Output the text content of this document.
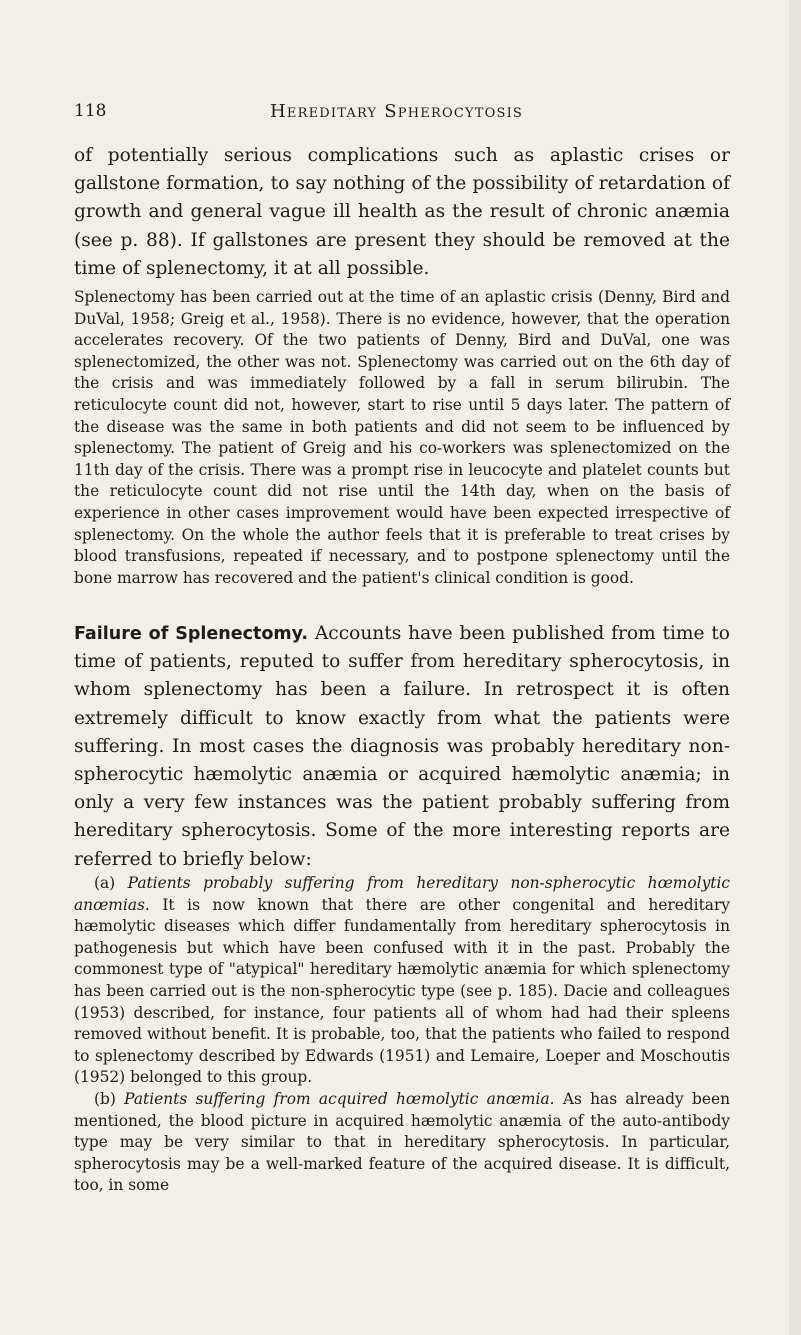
118	Hereditary Spherocytosis

of potentially serious complications such as aplastic crises or gallstone formation, to say nothing of the possibility of retardation of growth and general vague ill health as the result of chronic anæmia (see p. 88). If gallstones are present they should be removed at the time of splenectomy, it at all possible.

Splenectomy has been carried out at the time of an aplastic crisis (Denny, Bird and DuVal, 1958; Greig et al., 1958). There is no evidence, however, that the operation accelerates recovery. Of the two patients of Denny, Bird and DuVal, one was splenectomized, the other was not. Splenectomy was carried out on the 6th day of the crisis and was immediately followed by a fall in serum bilirubin. The reticulocyte count did not, however, start to rise until 5 days later. The pattern of the disease was the same in both patients and did not seem to be influenced by splenectomy. The patient of Greig and his co-workers was splenectomized on the 11th day of the crisis. There was a prompt rise in leucocyte and platelet counts but the reticulocyte count did not rise until the 14th day, when on the basis of experience in other cases improvement would have been expected irrespective of splenectomy. On the whole the author feels that it is preferable to treat crises by blood transfusions, repeated if necessary, and to postpone splenectomy until the bone marrow has recovered and the patient's clinical condition is good.

Failure of Splenectomy. Accounts have been published from time to time of patients, reputed to suffer from hereditary spherocytosis, in whom splenectomy has been a failure. In retrospect it is often extremely difficult to know exactly from what the patients were suffering. In most cases the diagnosis was probably hereditary non-spherocytic hæmolytic anæmia or acquired hæmolytic anæmia; in only a very few instances was the patient probably suffering from hereditary spherocytosis. Some of the more interesting reports are referred to briefly below:

(a) Patients probably suffering from hereditary non-spherocytic hœmolytic anœmias. It is now known that there are other congenital and hereditary hæmolytic diseases which differ fundamentally from hereditary spherocytosis in pathogenesis but which have been confused with it in the past. Probably the commonest type of "atypical" hereditary hæmolytic anæmia for which splenectomy has been carried out is the non-spherocytic type (see p. 185). Dacie and colleagues (1953) described, for instance, four patients all of whom had had their spleens removed without benefit. It is probable, too, that the patients who failed to respond to splenectomy described by Edwards (1951) and Lemaire, Loeper and Moschoutis (1952) belonged to this group.

(b) Patients suffering from acquired hœmolytic anœmia. As has already been mentioned, the blood picture in acquired hæmolytic anæmia of the auto-antibody type may be very similar to that in hereditary spherocytosis. In particular, spherocytosis may be a well-marked feature of the acquired disease. It is difficult, too, in some
